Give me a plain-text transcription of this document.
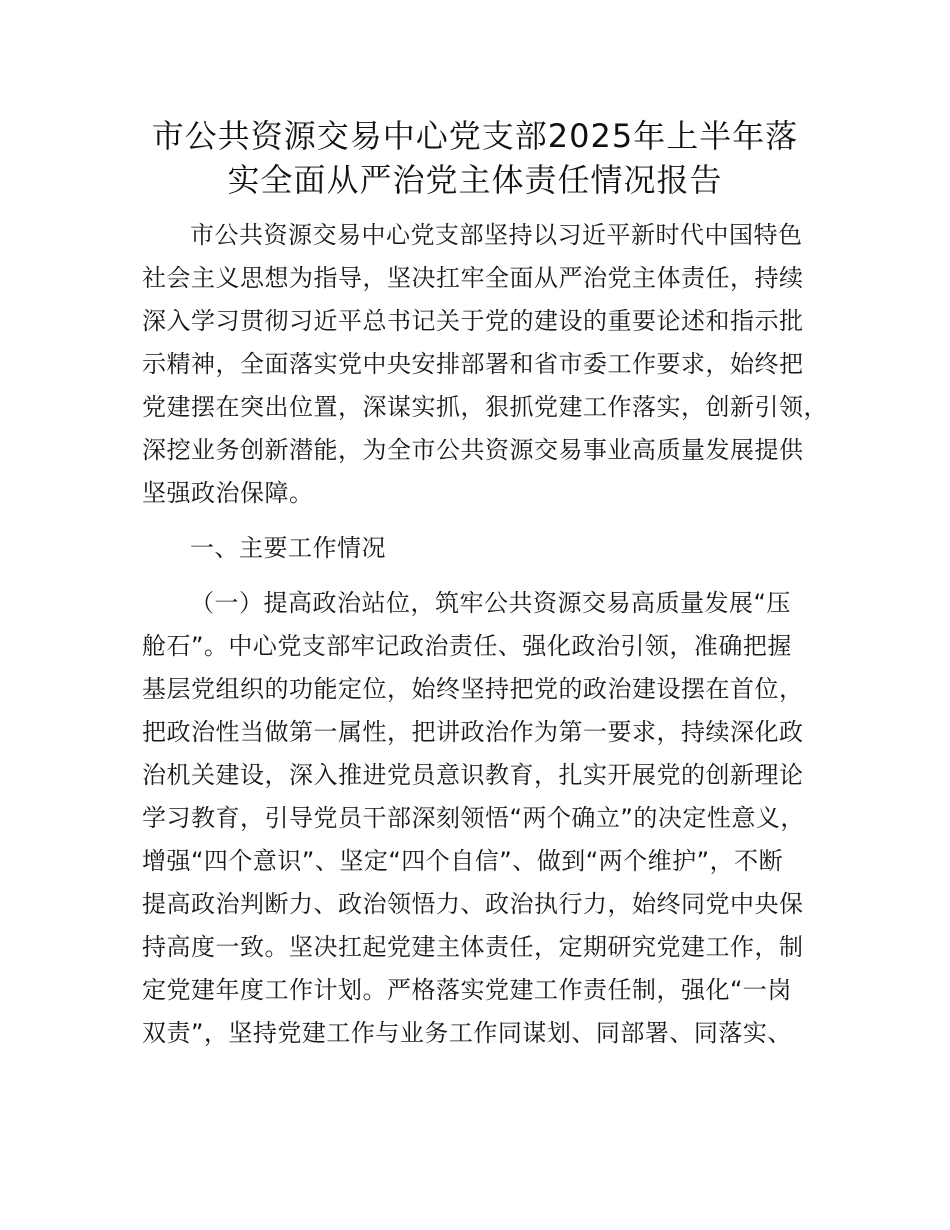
市公共资源交易中心党支部2025年上半年落
实全面从严治党主体责任情况报告
市公共资源交易中心党支部坚持以习近平新时代中国特色
社会主义思想为指导，坚决扛牢全面从严治党主体责任，持续
深入学习贯彻习近平总书记关于党的建设的重要论述和指示批
示精神，全面落实党中央安排部署和省市委工作要求，始终把
党建摆在突出位置，深谋实抓，狠抓党建工作落实，创新引领，
深挖业务创新潜能，为全市公共资源交易事业高质量发展提供
坚强政治保障。
一、主要工作情况
（一）提高政治站位，筑牢公共资源交易高质量发展“压
舱石”。中心党支部牢记政治责任、强化政治引领，准确把握
基层党组织的功能定位，始终坚持把党的政治建设摆在首位，
把政治性当做第一属性，把讲政治作为第一要求，持续深化政
治机关建设，深入推进党员意识教育，扎实开展党的创新理论
学习教育，引导党员干部深刻领悟“两个确立”的决定性意义，
增强“四个意识”、坚定“四个自信”、做到“两个维护”，不断
提高政治判断力、政治领悟力、政治执行力，始终同党中央保
持高度一致。坚决扛起党建主体责任，定期研究党建工作，制
定党建年度工作计划。严格落实党建工作责任制，强化“一岗
双责”，坚持党建工作与业务工作同谋划、同部署、同落实、
